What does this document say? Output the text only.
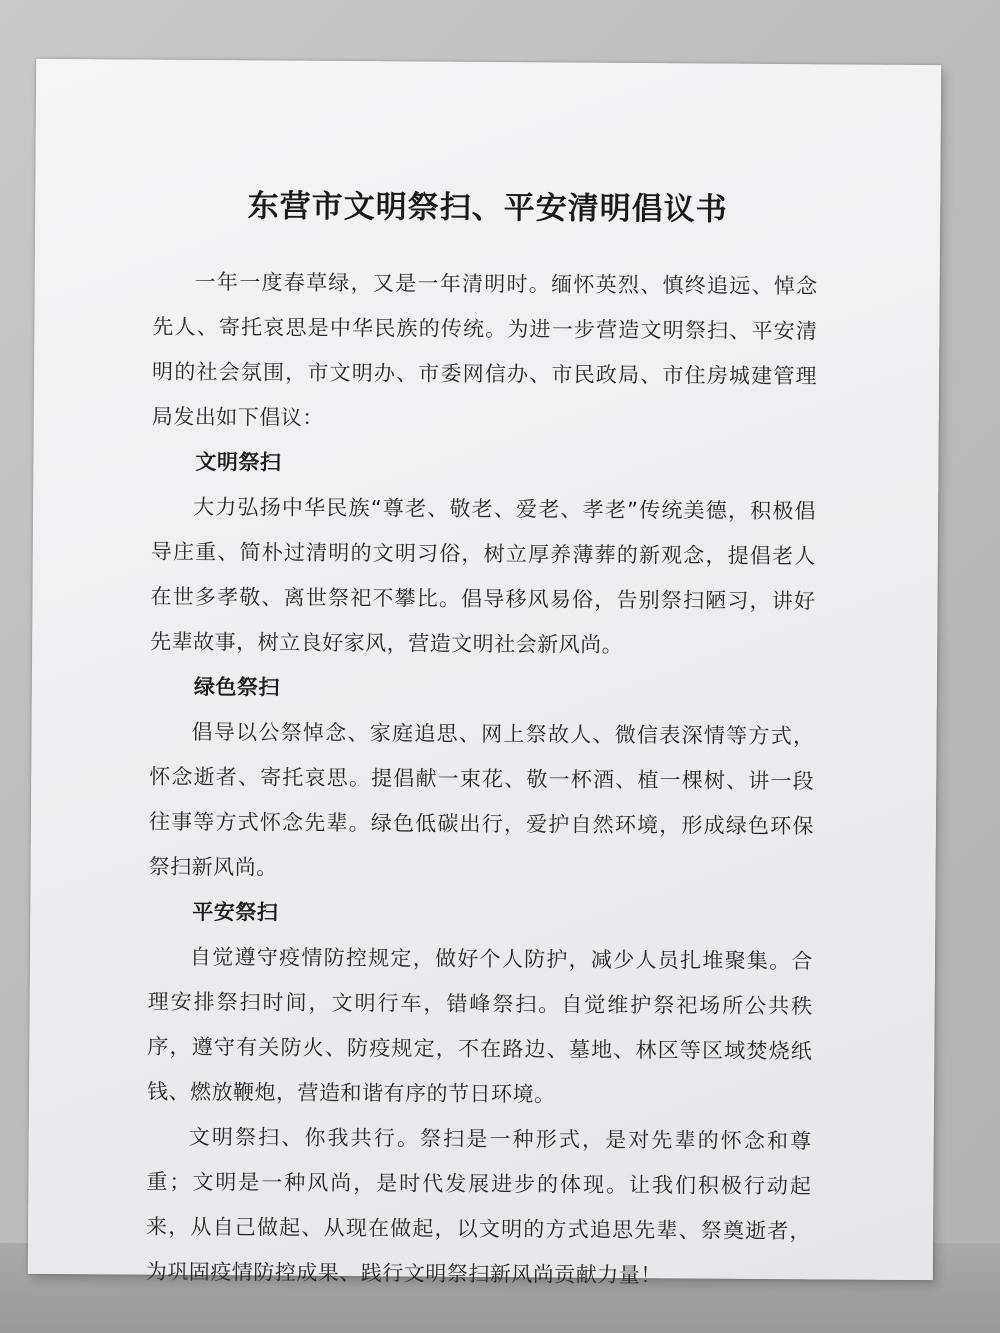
东营市文明祭扫、平安清明倡议书

一年一度春草绿，又是一年清明时。缅怀英烈、慎终追远、悼念先人、寄托哀思是中华民族的传统。为进一步营造文明祭扫、平安清明的社会氛围，市文明办、市委网信办、市民政局、市住房城建管理局发出如下倡议：

文明祭扫

大力弘扬中华民族“尊老、敬老、爱老、孝老”传统美德，积极倡导庄重、简朴过清明的文明习俗，树立厚养薄葬的新观念，提倡老人在世多孝敬、离世祭祀不攀比。倡导移风易俗，告别祭扫陋习，讲好先辈故事，树立良好家风，营造文明社会新风尚。

绿色祭扫

倡导以公祭悼念、家庭追思、网上祭故人、微信表深情等方式，怀念逝者、寄托哀思。提倡献一束花、敬一杯酒、植一棵树、讲一段往事等方式怀念先辈。绿色低碳出行，爱护自然环境，形成绿色环保祭扫新风尚。

平安祭扫

自觉遵守疫情防控规定，做好个人防护，减少人员扎堆聚集。合理安排祭扫时间，文明行车，错峰祭扫。自觉维护祭祀场所公共秩序，遵守有关防火、防疫规定，不在路边、墓地、林区等区域焚烧纸钱、燃放鞭炮，营造和谐有序的节日环境。

文明祭扫、你我共行。祭扫是一种形式，是对先辈的怀念和尊重；文明是一种风尚，是时代发展进步的体现。让我们积极行动起来，从自己做起、从现在做起，以文明的方式追思先辈、祭奠逝者，为巩固疫情防控成果、践行文明祭扫新风尚贡献力量！
